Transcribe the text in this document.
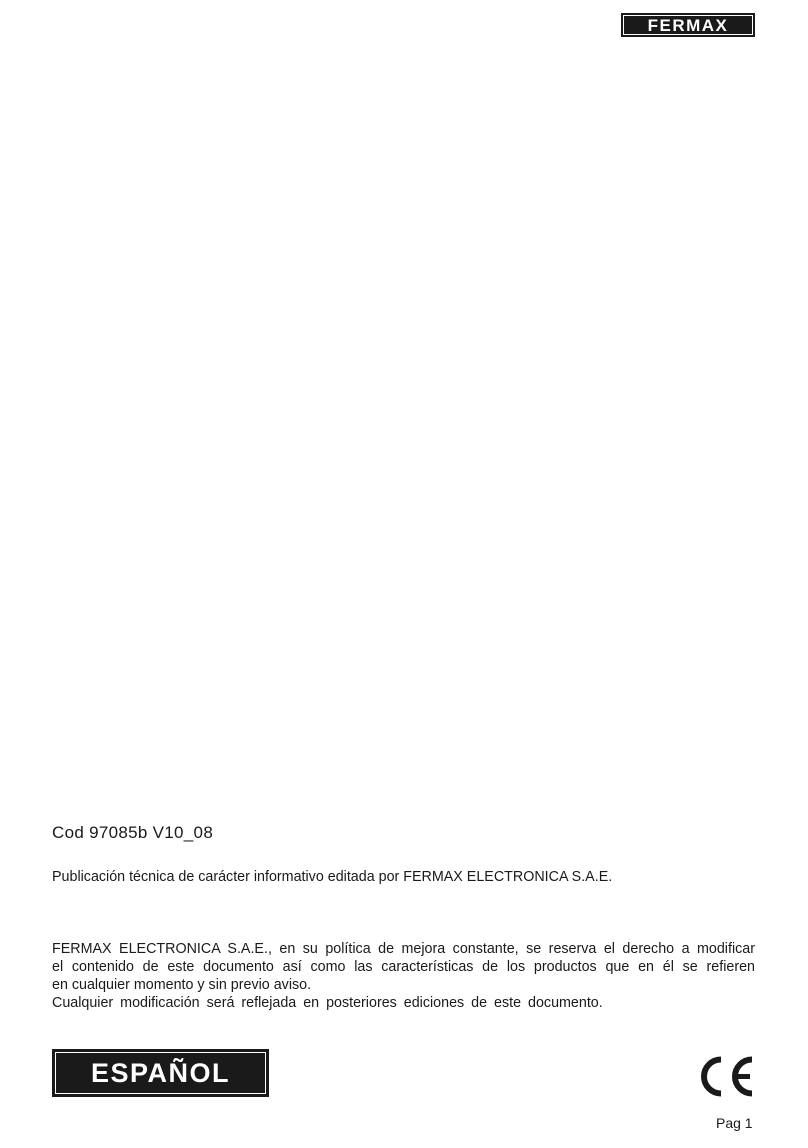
FERMAX
Cod 97085b V10_08
Publicación técnica de carácter informativo editada por FERMAX ELECTRONICA S.A.E.

FERMAX ELECTRONICA S.A.E., en su política de mejora constante, se reserva el derecho a modificar

el contenido de este documento así como las características de los productos que en él se refieren

en cualquier momento y sin previo aviso.

Cualquier modificación será reflejada en posteriores ediciones de este documento.

ESPAÑOL
Pag 1
